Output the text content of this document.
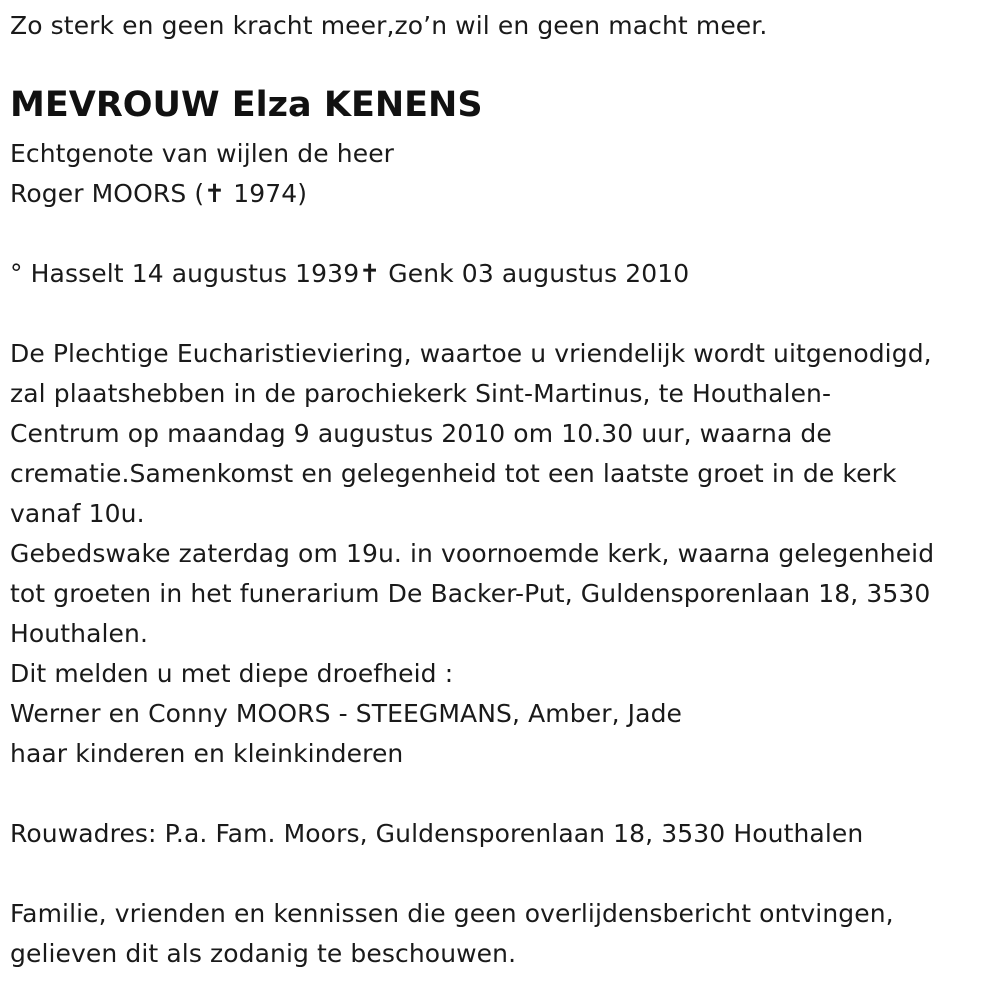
Zo sterk en geen kracht meer,zo’n wil en geen macht meer.
MEVROUW Elza KENENS
Echtgenote van wijlen de heer
Roger MOORS (✝ 1974)
° Hasselt 14 augustus 1939✝ Genk 03 augustus 2010
De Plechtige Eucharistieviering, waartoe u vriendelijk wordt uitgenodigd,
zal plaatshebben in de parochiekerk Sint-Martinus, te Houthalen-
Centrum op maandag 9 augustus 2010 om 10.30 uur, waarna de
crematie.Samenkomst en gelegenheid tot een laatste groet in de kerk
vanaf 10u.
Gebedswake zaterdag om 19u. in voornoemde kerk, waarna gelegenheid
tot groeten in het funerarium De Backer-Put, Guldensporenlaan 18, 3530
Houthalen.
Dit melden u met diepe droefheid :
Werner en Conny MOORS - STEEGMANS, Amber, Jade
haar kinderen en kleinkinderen
Rouwadres: P.a. Fam. Moors, Guldensporenlaan 18, 3530 Houthalen
Familie, vrienden en kennissen die geen overlijdensbericht ontvingen,
gelieven dit als zodanig te beschouwen.
